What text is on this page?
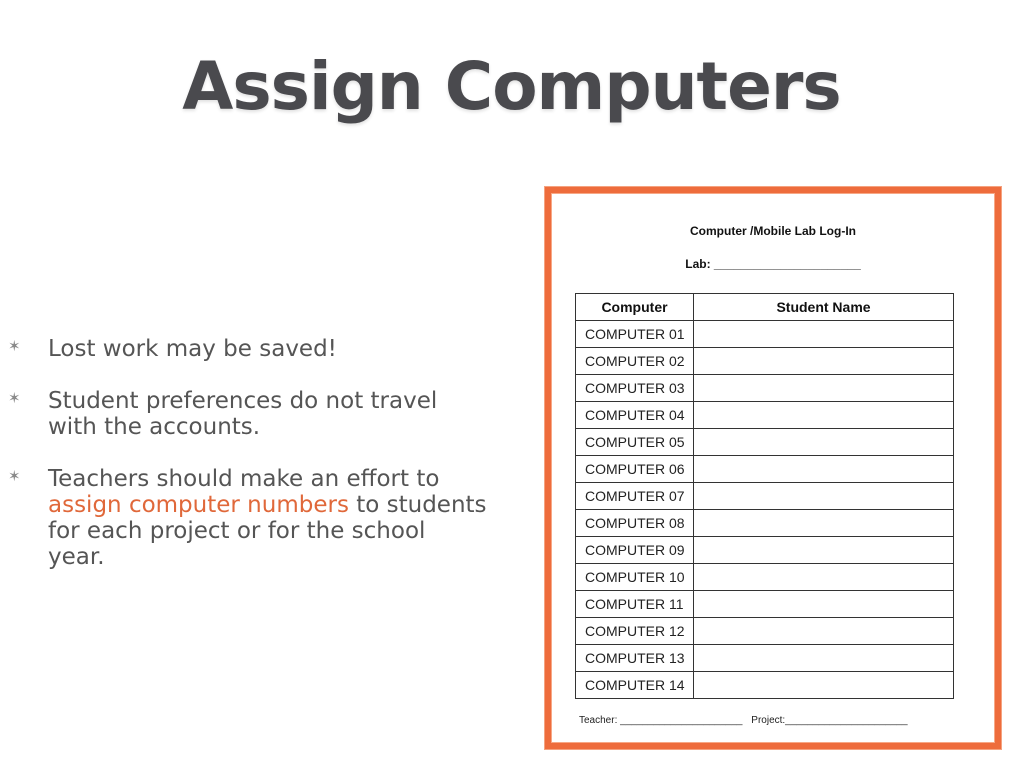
Assign Computers
✶ Lost work may be saved!
✶ Student preferences do not travel with the accounts.
✶ Teachers should make an effort to assign computer numbers to students for each project or for the school year.
Computer /Mobile Lab Log-In
Lab: ______________________
Computer	Student Name
COMPUTER 01	
COMPUTER 02	
COMPUTER 03	
COMPUTER 04	
COMPUTER 05	
COMPUTER 06	
COMPUTER 07	
COMPUTER 08	
COMPUTER 09	
COMPUTER 10	
COMPUTER 11	
COMPUTER 12	
COMPUTER 13	
COMPUTER 14	
Teacher: ______________________ Project:______________________
